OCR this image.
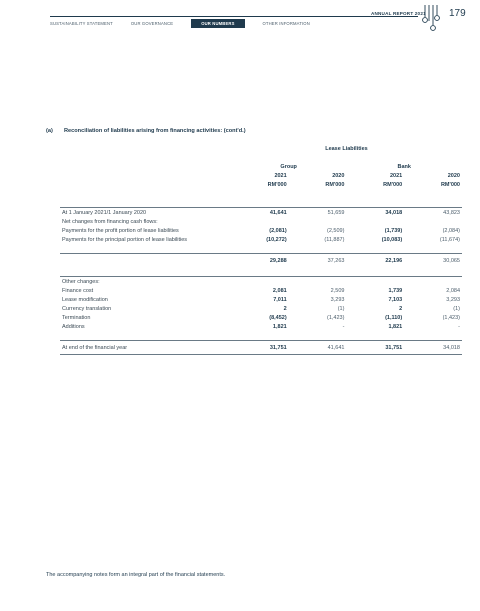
ANNUAL REPORT 2021	179
SUSTAINABILITY STATEMENT	OUR GOVERNANCE	OUR NUMBERS	OTHER INFORMATION
(a) Reconciliation of liabilities arising from financing activities: (cont'd.)
	Lease Liabilities			

	Group		Bank	
	2021	2020	2021	2020
	RM'000	RM'000	RM'000	RM'000

At 1 January 2021/1 January 2020	41,641	51,659	34,018	43,823
Net changes from financing cash flows:				
Payments for the profit portion of lease liabilities	(2,081)	(2,509)	(1,739)	(2,084)
Payments for the principal portion of lease liabilities	(10,272)	(11,887)	(10,083)	(11,674)

	29,288	37,263	22,196	30,065

Other changes:				
Finance cost	2,081	2,509	1,739	2,084
Lease modification	7,011	3,293	7,103	3,293
Currency translation	2	(1)	2	(1)
Termination	(8,452)	(1,423)	(1,110)	(1,423)
Additions	1,821	-	1,821	-

At end of the financial year	31,751	41,641	31,751	34,018

The accompanying notes form an integral part of the financial statements.
